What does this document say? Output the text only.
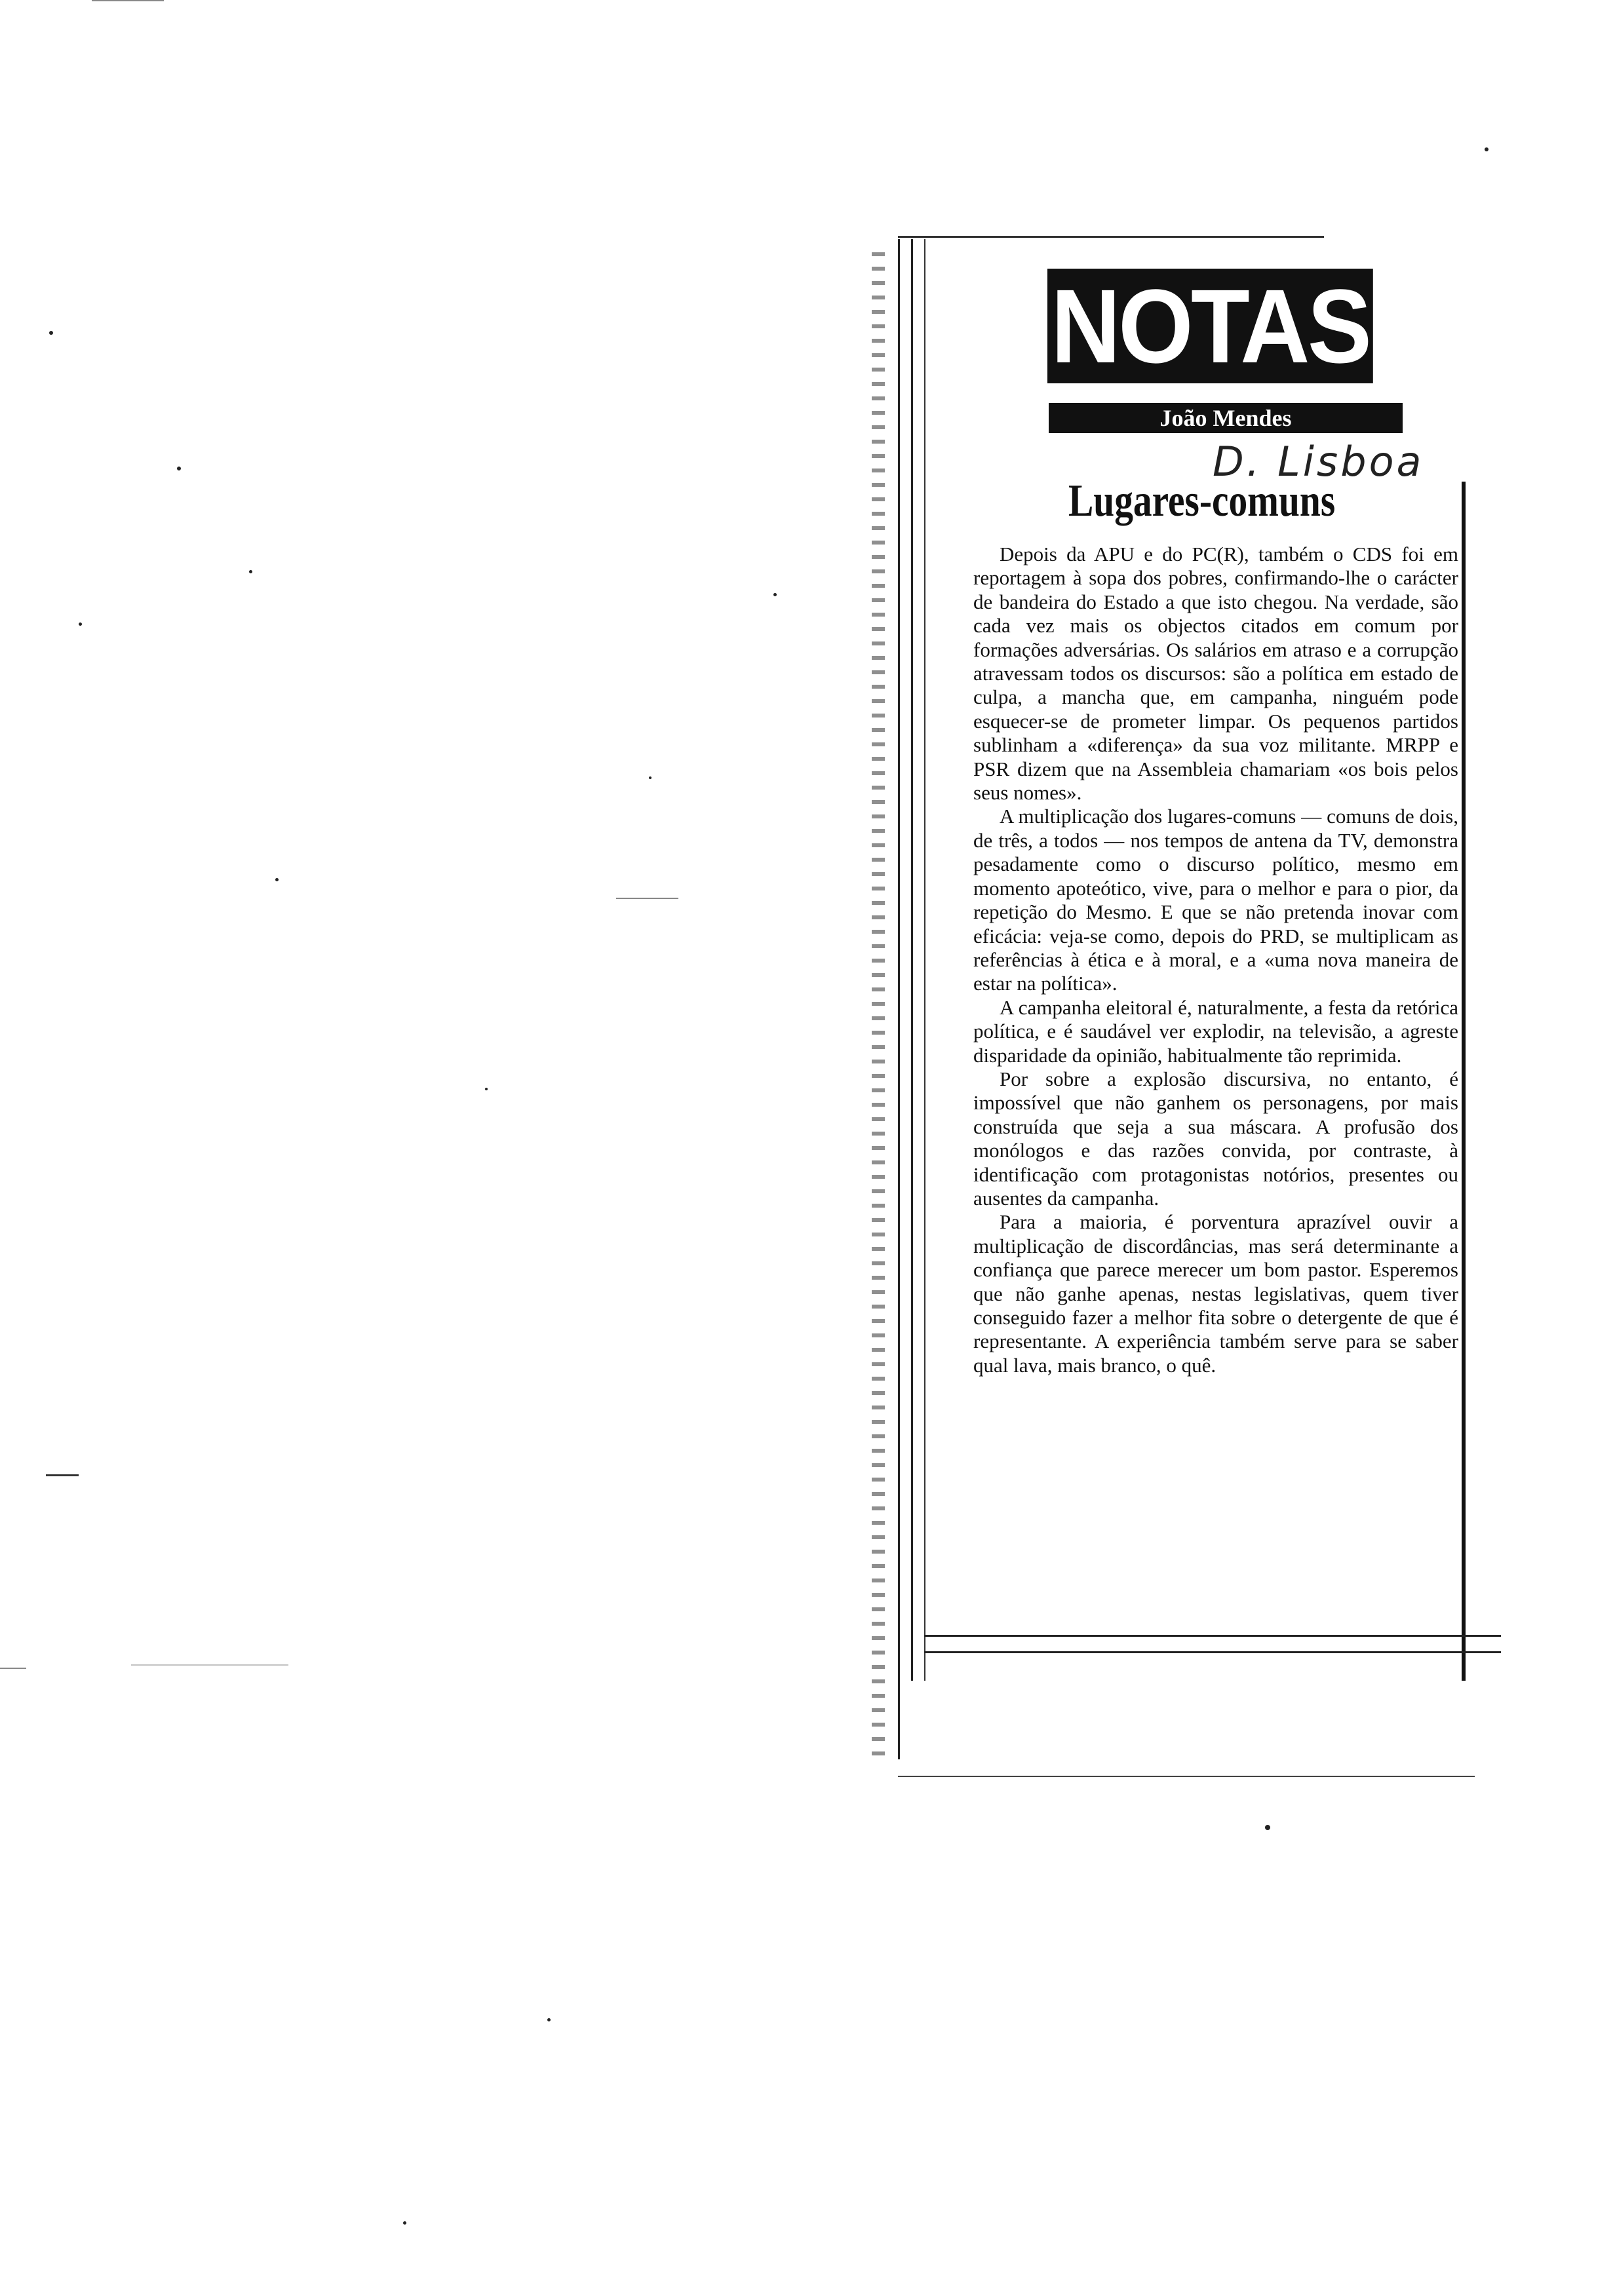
NOTAS
João Mendes
D. Lisboa
Lugares-comuns

Depois da APU e do PC(R), também o CDS foi em reportagem à sopa dos pobres, confirmando-lhe o carácter de bandeira do Estado a que isto chegou. Na verdade, são cada vez mais os objectos citados em comum por formações adversárias. Os salários em atraso e a corrupção atravessam todos os discursos: são a política em estado de culpa, a mancha que, em campanha, ninguém pode esquecer-se de prometer limpar. Os pequenos partidos sublinham a «diferença» da sua voz militante. MRPP e PSR dizem que na Assembleia chamariam «os bois pelos seus nomes».

A multiplicação dos lugares-comuns — comuns de dois, de três, a todos — nos tempos de antena da TV, demonstra pesadamente como o discurso político, mesmo em momento apoteótico, vive, para o melhor e para o pior, da repetição do Mesmo. E que se não pretenda inovar com eficácia: veja-se como, depois do PRD, se multiplicam as referências à ética e à moral, e a «uma nova maneira de estar na política».

A campanha eleitoral é, naturalmente, a festa da retórica política, e é saudável ver explodir, na televisão, a agreste disparidade da opinião, habitualmente tão reprimida.

Por sobre a explosão discursiva, no entanto, é impossível que não ganhem os personagens, por mais construída que seja a sua máscara. A profusão dos monólogos e das razões convida, por contraste, à identificação com protagonistas notórios, presentes ou ausentes da campanha.

Para a maioria, é porventura aprazível ouvir a multiplicação de discordâncias, mas será determinante a confiança que parece merecer um bom pastor. Esperemos que não ganhe apenas, nestas legislativas, quem tiver conseguido fazer a melhor fita sobre o detergente de que é representante. A experiência também serve para se saber qual lava, mais branco, o quê.
